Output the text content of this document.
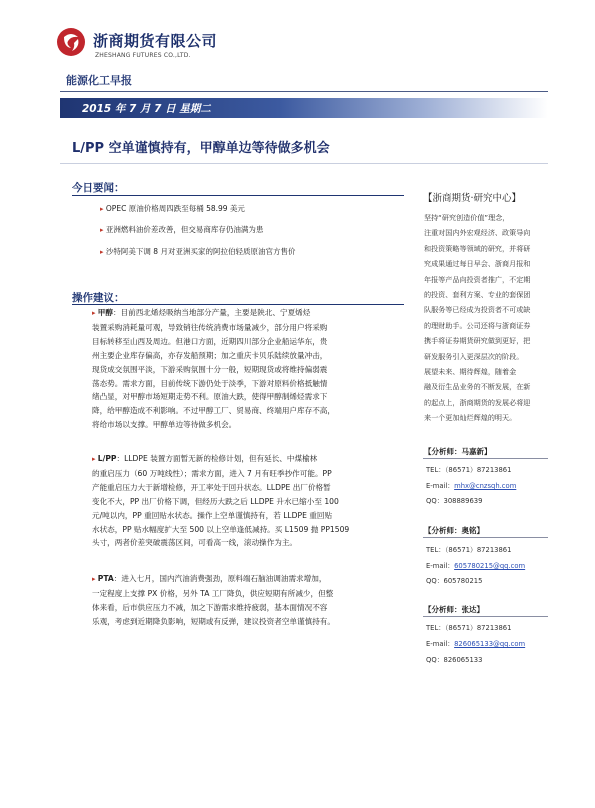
浙商期货有限公司
ZHESHANG FUTURES CO.,LTD.
能源化工早报
2015 年 7 月 7 日 星期二
L/PP 空单谨慎持有，甲醇单边等待做多机会
今日要闻：
▸ OPEC 原油价格周四跌至每桶 58.99 美元
▸ 亚洲燃料油价差改善，但交易商库存仍油满为患
▸ 沙特阿美下调 8 月对亚洲买家的阿拉伯轻质原油官方售价
操作建议：
▸ 甲醇：目前西北烯烃吸纳当地部分产量，主要是陕北、宁夏烯烃
装置采购消耗量可观，导致销往传统消费市场量减少，部分用户将采购
目标转移至山西及周边。但港口方面，近期四川部分企业船运华东，贵
州主要企业库存偏高，亦存发船预期；加之重庆卡贝乐陆续放量冲击，
现货成交氛围平淡，下游采购氛围十分一般，短期现货或将维持偏弱震
荡态势。需求方面，目前传统下游仍处于淡季，下游对原料价格抵触情
绪凸显，对甲醇市场短期走势不利。原油大跌，使得甲醇制烯烃需求下
降，给甲醇造成不利影响。不过甲醇工厂、贸易商、终端用户库存不高，
将给市场以支撑。甲醇单边等待做多机会。
▸ L/PP：LLDPE 装置方面暂无新的检修计划，但有延长、中煤榆林
的重启压力（60 万吨线性）；需求方面，进入 7 月有旺季抄作可能。PP
产能重启压力大于新增检修，开工率处于回升状态。LLDPE 出厂价格暂
变化不大，PP 出厂价格下调，但经历大跌之后 LLDPE 升水已缩小至 100
元/吨以内，PP 重回贴水状态。操作上空单谨慎持有，若 LLDPE 重回贴
水状态，PP 贴水幅度扩大至 500 以上空单逢低减持。买 L1509 抛 PP1509
头寸，两者价差突破震荡区间，可看高一线，滚动操作为主。
▸ PTA：进入七月，国内汽油消费强劲，原料端石脑油调油需求增加，
一定程度上支撑 PX 价格，另外 TA 工厂降负，供应短期有所减少，但整
体来看，后市供应压力不减，加之下游需求维持疲弱，基本面情况不容
乐观，考虑到近期降负影响，短期或有反弹，建议投资者空单谨慎持有。
【浙商期货·研究中心】
坚持“研究创造价值”理念，
注重对国内外宏观经济、政策导向
和投资策略等领域的研究，并将研
究成果通过每日早会、浙商月报和
年报等产品向投资者推广，不定期
的投资、套利方案、专业的套保团
队服务等已经成为投资者不可或缺
的理财助手。公司还将与浙商证券
携手将证券期货研究做到更好，把
研发服务引入更深层次的阶段。
展望未来、期待辉煌，随着金
融及衍生品业务的不断发展，在新
的起点上，浙商期货的发展必将迎
来一个更加灿烂辉煌的明天。
【分析师：马嘉新】
TEL：（86571）87213861
E-mail：mhx@cnzsqh.com
QQ：308889639
【分析师：奥铭】
TEL：（86571）87213861
E-mail：605780215@qq.com
QQ：605780215
【分析师：张达】
TEL：（86571）87213861
E-mail：826065133@qq.com
QQ：826065133
